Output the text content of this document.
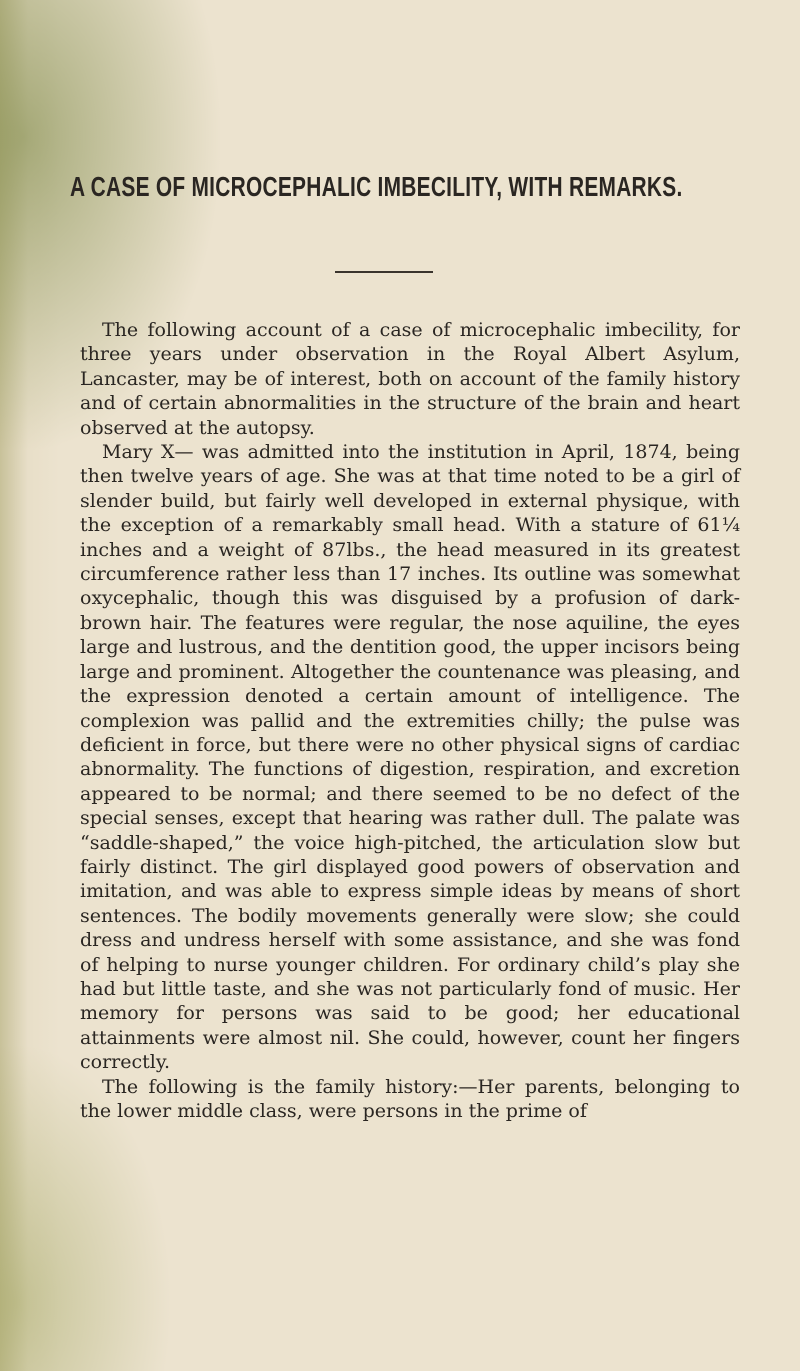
A CASE OF MICROCEPHALIC IMBECILITY, WITH REMARKS.

The following account of a case of microcephalic imbecility, for three years under observation in the Royal Albert Asylum, Lancaster, may be of interest, both on account of the family history and of certain abnormalities in the structure of the brain and heart observed at the autopsy.

Mary X— was admitted into the institution in April, 1874, being then twelve years of age. She was at that time noted to be a girl of slender build, but fairly well developed in external physique, with the exception of a remarkably small head. With a stature of 61¼ inches and a weight of 87lbs., the head measured in its greatest circumference rather less than 17 inches. Its outline was somewhat oxycephalic, though this was disguised by a profusion of dark-brown hair. The features were regular, the nose aquiline, the eyes large and lustrous, and the dentition good, the upper incisors being large and prominent. Altogether the countenance was pleasing, and the expression denoted a certain amount of intelligence. The complexion was pallid and the extremities chilly; the pulse was deficient in force, but there were no other physical signs of cardiac abnormality. The functions of digestion, respiration, and excretion appeared to be normal; and there seemed to be no defect of the special senses, except that hearing was rather dull. The palate was “saddle-shaped,” the voice high-pitched, the articulation slow but fairly distinct. The girl displayed good powers of observation and imitation, and was able to express simple ideas by means of short sentences. The bodily movements generally were slow; she could dress and undress herself with some assistance, and she was fond of helping to nurse younger children. For ordinary child’s play she had but little taste, and she was not particularly fond of music. Her memory for persons was said to be good; her educational attainments were almost nil. She could, however, count her fingers correctly.

The following is the family history:—Her parents, belonging to the lower middle class, were persons in the prime of
